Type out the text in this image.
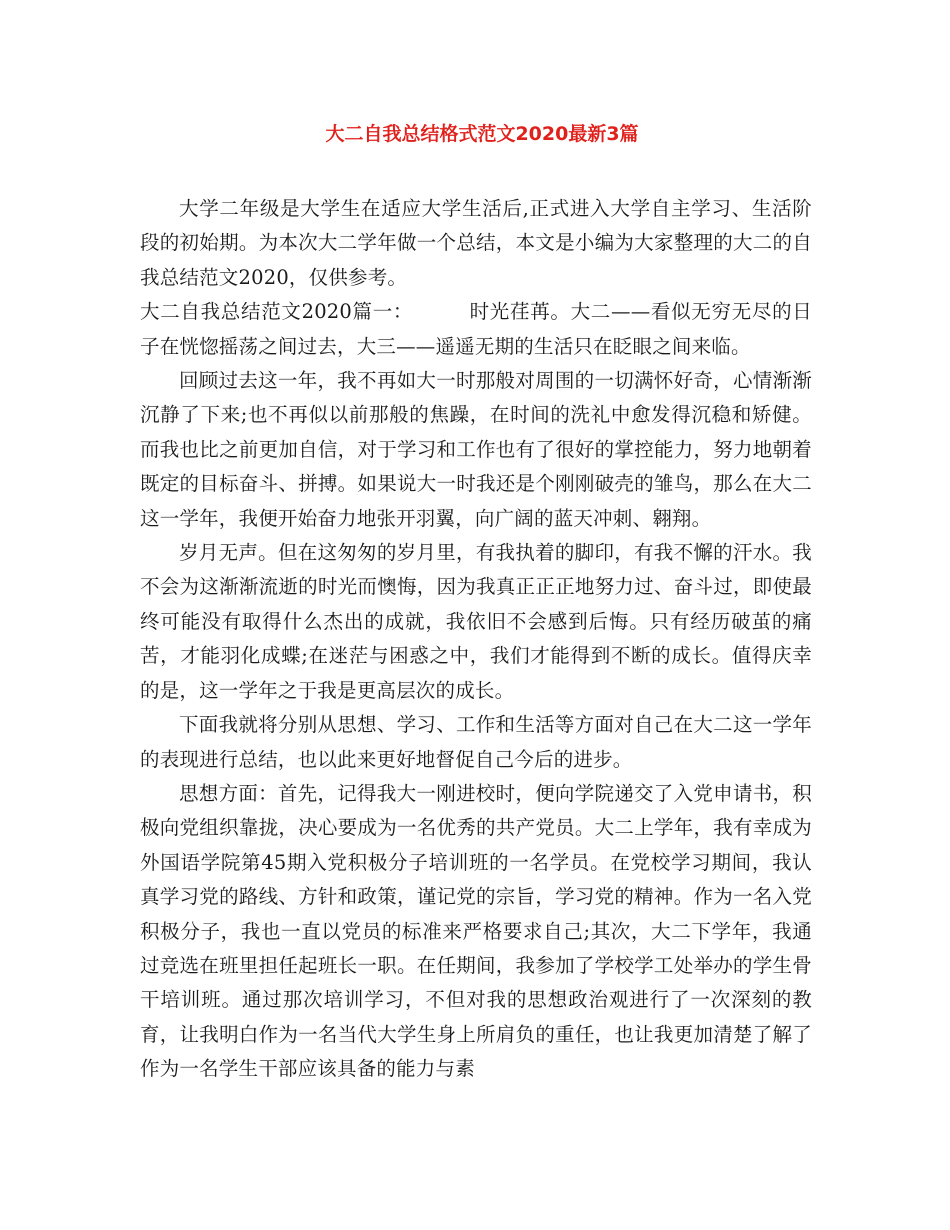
大二自我总结格式范文2020最新3篇

大学二年级是大学生在适应大学生活后,正式进入大学自主学习、生活阶段的初始期。为本次大二学年做一个总结，本文是小编为大家整理的大二的自我总结范文2020，仅供参考。

大二自我总结范文2020篇一：	时光荏苒。大二——看似无穷无尽的日子在恍惚摇荡之间过去，大三——遥遥无期的生活只在眨眼之间来临。

回顾过去这一年，我不再如大一时那般对周围的一切满怀好奇，心情渐渐沉静了下来;也不再似以前那般的焦躁，在时间的洗礼中愈发得沉稳和矫健。而我也比之前更加自信，对于学习和工作也有了很好的掌控能力，努力地朝着既定的目标奋斗、拼搏。如果说大一时我还是个刚刚破壳的雏鸟，那么在大二这一学年，我便开始奋力地张开羽翼，向广阔的蓝天冲刺、翱翔。

岁月无声。但在这匆匆的岁月里，有我执着的脚印，有我不懈的汗水。我不会为这渐渐流逝的时光而懊悔，因为我真正正正地努力过、奋斗过，即使最终可能没有取得什么杰出的成就，我依旧不会感到后悔。只有经历破茧的痛苦，才能羽化成蝶;在迷茫与困惑之中，我们才能得到不断的成长。值得庆幸的是，这一学年之于我是更高层次的成长。

下面我就将分别从思想、学习、工作和生活等方面对自己在大二这一学年的表现进行总结，也以此来更好地督促自己今后的进步。

思想方面：首先，记得我大一刚进校时，便向学院递交了入党申请书，积极向党组织靠拢，决心要成为一名优秀的共产党员。大二上学年，我有幸成为外国语学院第45期入党积极分子培训班的一名学员。在党校学习期间，我认真学习党的路线、方针和政策，谨记党的宗旨，学习党的精神。作为一名入党积极分子，我也一直以党员的标准来严格要求自己;其次，大二下学年，我通过竞选在班里担任起班长一职。在任期间，我参加了学校学工处举办的学生骨干培训班。通过那次培训学习，不但对我的思想政治观进行了一次深刻的教育，让我明白作为一名当代大学生身上所肩负的重任，也让我更加清楚了解了作为一名学生干部应该具备的能力与素
